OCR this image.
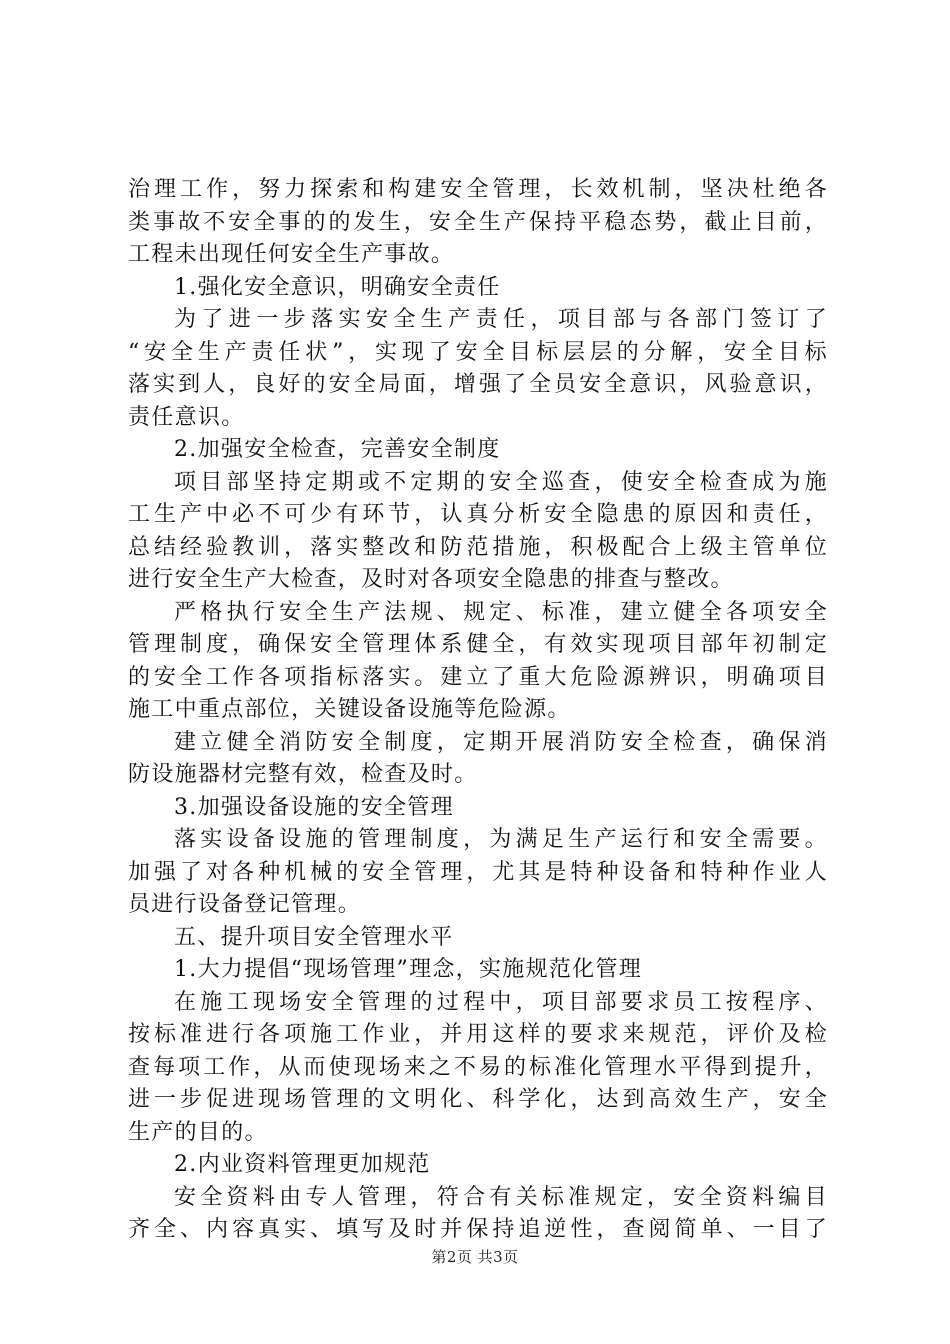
治理工作，努力探索和构建安全管理，长效机制，坚决杜绝各
类事故不安全事的的发生，安全生产保持平稳态势，截止目前，
工程未出现任何安全生产事故。
1.强化安全意识，明确安全责任
为了进一步落实安全生产责任，项目部与各部门签订了
“安全生产责任状”，实现了安全目标层层的分解，安全目标
落实到人，良好的安全局面，增强了全员安全意识，风验意识，
责任意识。
2.加强安全检查，完善安全制度
项目部坚持定期或不定期的安全巡查，使安全检查成为施
工生产中必不可少有环节，认真分析安全隐患的原因和责任，
总结经验教训，落实整改和防范措施，积极配合上级主管单位
进行安全生产大检查，及时对各项安全隐患的排查与整改。
严格执行安全生产法规、规定、标准，建立健全各项安全
管理制度，确保安全管理体系健全，有效实现项目部年初制定
的安全工作各项指标落实。建立了重大危险源辨识，明确项目
施工中重点部位，关键设备设施等危险源。
建立健全消防安全制度，定期开展消防安全检查，确保消
防设施器材完整有效，检查及时。
3.加强设备设施的安全管理
落实设备设施的管理制度，为满足生产运行和安全需要。
加强了对各种机械的安全管理，尤其是特种设备和特种作业人
员进行设备登记管理。
五、提升项目安全管理水平
1.大力提倡“现场管理”理念，实施规范化管理
在施工现场安全管理的过程中，项目部要求员工按程序、
按标准进行各项施工作业，并用这样的要求来规范，评价及检
查每项工作，从而使现场来之不易的标准化管理水平得到提升，
进一步促进现场管理的文明化、科学化，达到高效生产，安全
生产的目的。
2.内业资料管理更加规范
安全资料由专人管理，符合有关标准规定，安全资料编目
齐全、内容真实、填写及时并保持追逆性，查阅简单、一目了
第2页 共3页
